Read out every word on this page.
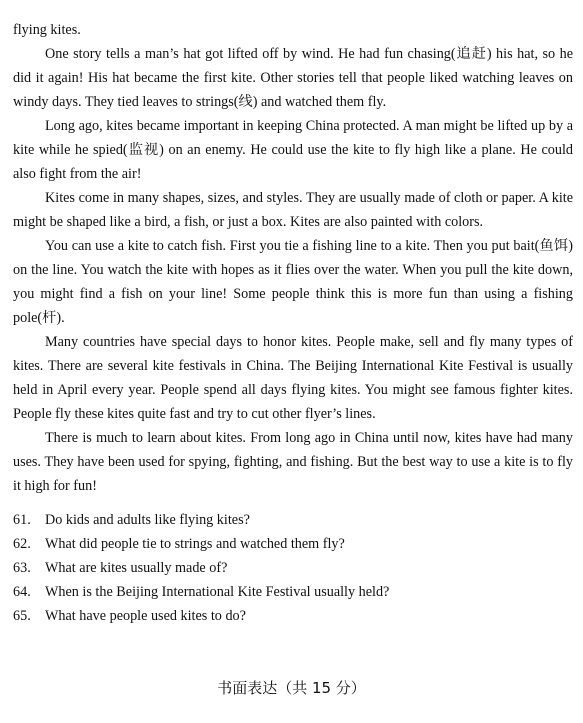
flying kites.

One story tells a man’s hat got lifted off by wind. He had fun chasing(追赶) his hat, so he did it again! His hat became the first kite. Other stories tell that people liked watching leaves on windy days. They tied leaves to strings(线) and watched them fly.

Long ago, kites became important in keeping China protected. A man might be lifted up by a kite while he spied(监视) on an enemy. He could use the kite to fly high like a plane. He could also fight from the air!

Kites come in many shapes, sizes, and styles. They are usually made of cloth or paper. A kite might be shaped like a bird, a fish, or just a box. Kites are also painted with colors.

You can use a kite to catch fish. First you tie a fishing line to a kite. Then you put bait(鱼饵) on the line. You watch the kite with hopes as it flies over the water. When you pull the kite down, you might find a fish on your line! Some people think this is more fun than using a fishing pole(杆).

Many countries have special days to honor kites. People make, sell and fly many types of kites. There are several kite festivals in China. The Beijing International Kite Festival is usually held in April every year. People spend all days flying kites. You might see famous fighter kites. People fly these kites quite fast and try to cut other flyer’s lines.

There is much to learn about kites. From long ago in China until now, kites have had many uses. They have been used for spying, fighting, and fishing. But the best way to use a kite is to fly it high for fun!

61.	Do kids and adults like flying kites?
62.	What did people tie to strings and watched them fly?
63.	What are kites usually made of?
64.	When is the Beijing International Kite Festival usually held?
65.	What have people used kites to do?
书面表达（共 15 分）
